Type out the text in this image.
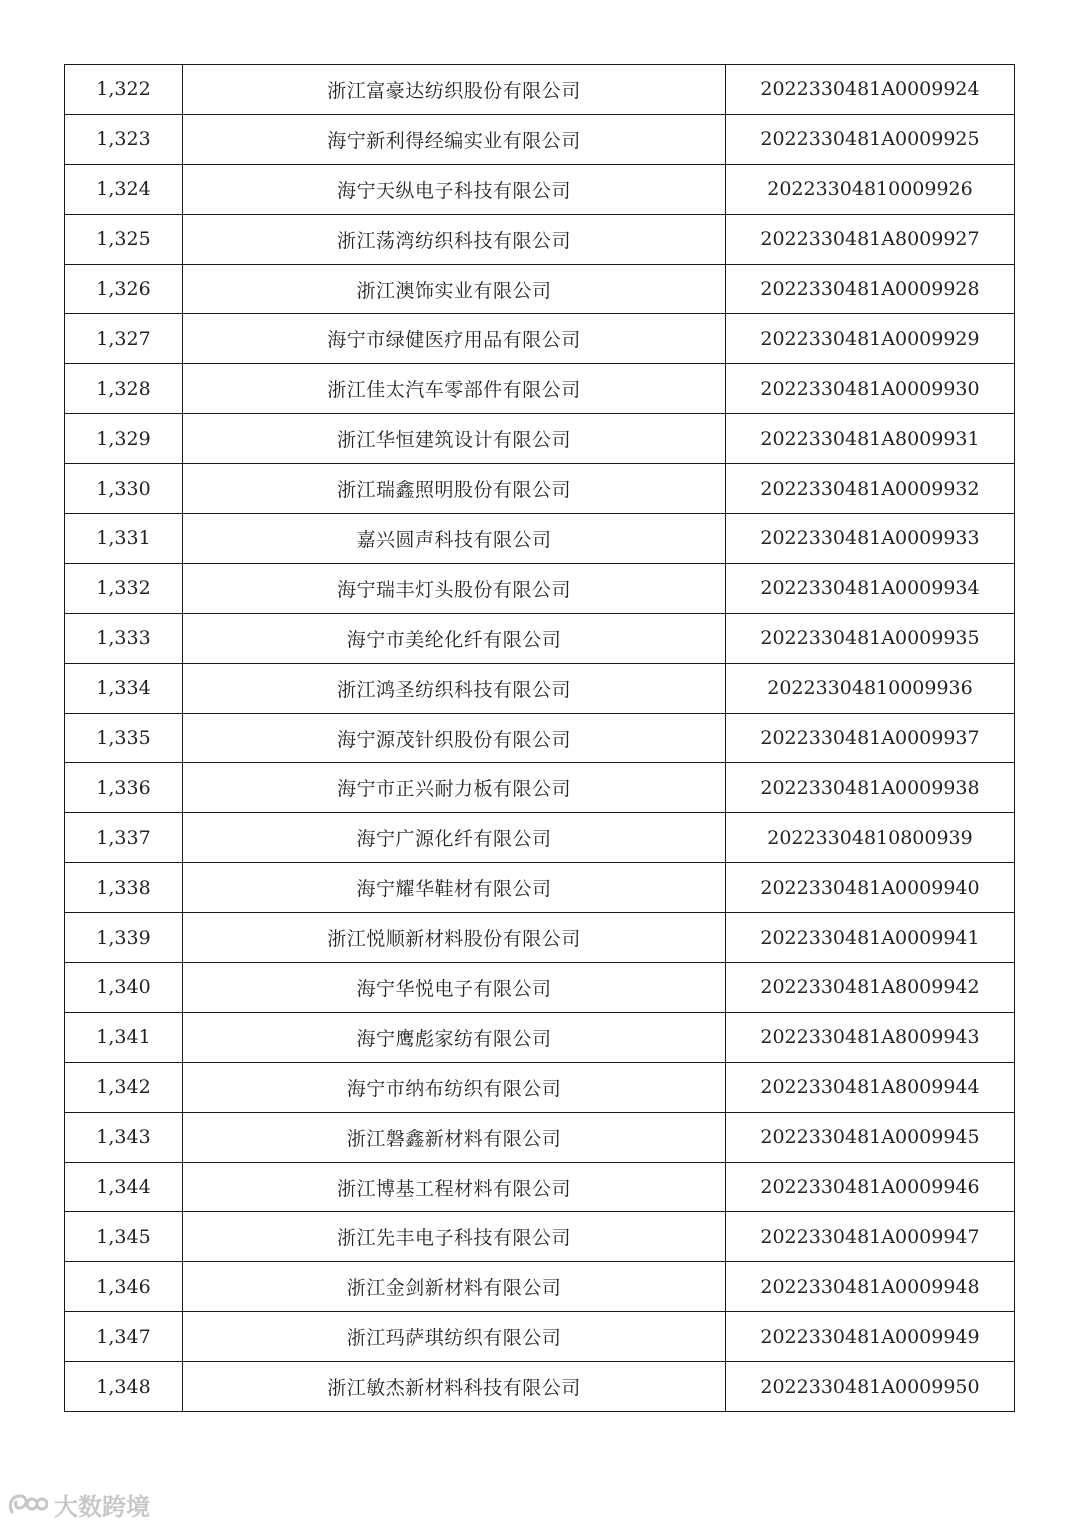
1,322	浙江富豪达纺织股份有限公司	2022330481A0009924
1,323	海宁新利得经编实业有限公司	2022330481A0009925
1,324	海宁天纵电子科技有限公司	20223304810009926
1,325	浙江荡湾纺织科技有限公司	2022330481A8009927
1,326	浙江澳饰实业有限公司	2022330481A0009928
1,327	海宁市绿健医疗用品有限公司	2022330481A0009929
1,328	浙江佳太汽车零部件有限公司	2022330481A0009930
1,329	浙江华恒建筑设计有限公司	2022330481A8009931
1,330	浙江瑞鑫照明股份有限公司	2022330481A0009932
1,331	嘉兴圆声科技有限公司	2022330481A0009933
1,332	海宁瑞丰灯头股份有限公司	2022330481A0009934
1,333	海宁市美纶化纤有限公司	2022330481A0009935
1,334	浙江鸿圣纺织科技有限公司	20223304810009936
1,335	海宁源茂针织股份有限公司	2022330481A0009937
1,336	海宁市正兴耐力板有限公司	2022330481A0009938
1,337	海宁广源化纤有限公司	20223304810800939
1,338	海宁耀华鞋材有限公司	2022330481A0009940
1,339	浙江悦顺新材料股份有限公司	2022330481A0009941
1,340	海宁华悦电子有限公司	2022330481A8009942
1,341	海宁鹰彪家纺有限公司	2022330481A8009943
1,342	海宁市纳布纺织有限公司	2022330481A8009944
1,343	浙江磐鑫新材料有限公司	2022330481A0009945
1,344	浙江博基工程材料有限公司	2022330481A0009946
1,345	浙江先丰电子科技有限公司	2022330481A0009947
1,346	浙江金剑新材料有限公司	2022330481A0009948
1,347	浙江玛萨琪纺织有限公司	2022330481A0009949
1,348	浙江敏杰新材料科技有限公司	2022330481A0009950
大数跨境
